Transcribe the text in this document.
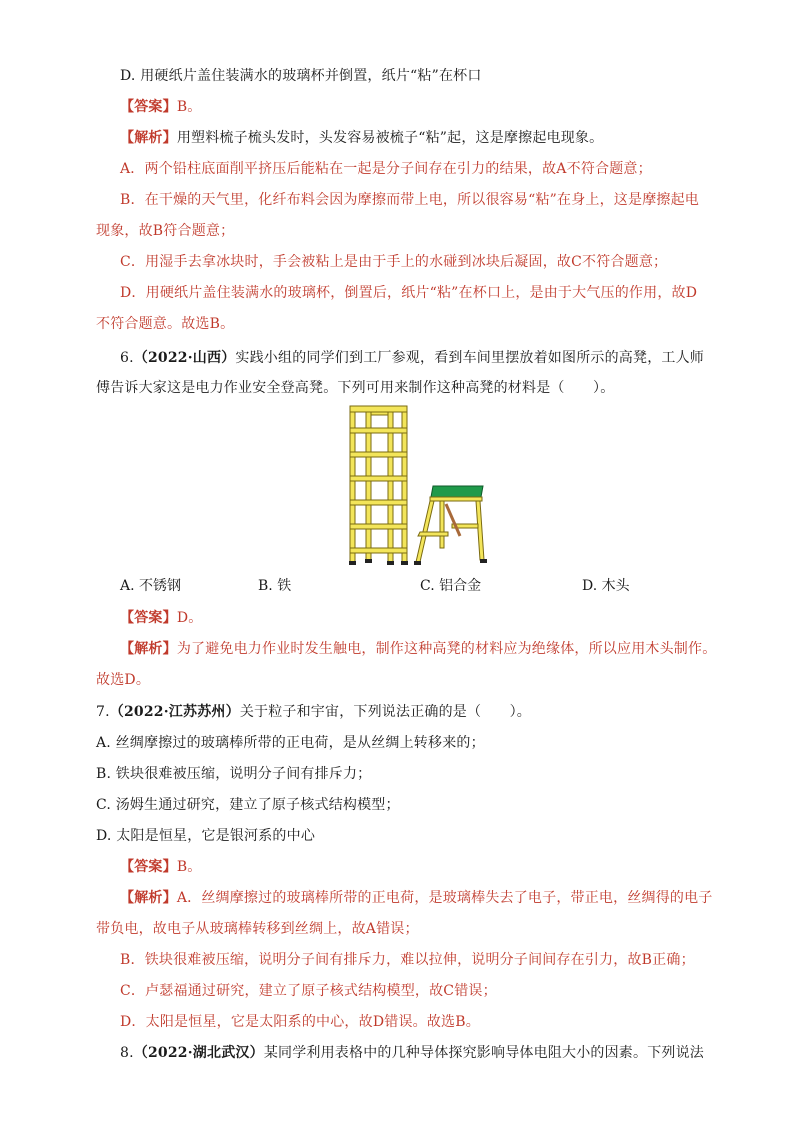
D. 用硬纸片盖住装满水的玻璃杯并倒置，纸片“粘”在杯口
【答案】B。
【解析】用塑料梳子梳头发时，头发容易被梳子“粘”起，这是摩擦起电现象。
A．两个铅柱底面削平挤压后能粘在一起是分子间存在引力的结果，故A不符合题意；
B．在干燥的天气里，化纤布料会因为摩擦而带上电，所以很容易“粘”在身上，这是摩擦起电
现象，故B符合题意；
C．用湿手去拿冰块时，手会被粘上是由于手上的水碰到冰块后凝固，故C不符合题意；
D．用硬纸片盖住装满水的玻璃杯，倒置后，纸片“粘”在杯口上，是由于大气压的作用，故D
不符合题意。故选B。
6.（2022·山西）实践小组的同学们到工厂参观，看到车间里摆放着如图所示的高凳，工人师
傅告诉大家这是电力作业安全登高凳。下列可用来制作这种高凳的材料是（　　）。
A. 不锈钢	B. 铁	C. 铝合金	D. 木头
【答案】D。
【解析】为了避免电力作业时发生触电，制作这种高凳的材料应为绝缘体，所以应用木头制作。
故选D。
7.（2022·江苏苏州）关于粒子和宇宙，下列说法正确的是（　　）。
A. 丝绸摩擦过的玻璃棒所带的正电荷，是从丝绸上转移来的；
B. 铁块很难被压缩，说明分子间有排斥力；
C. 汤姆生通过研究，建立了原子核式结构模型；
D. 太阳是恒星，它是银河系的中心
【答案】B。
【解析】A．丝绸摩擦过的玻璃棒所带的正电荷，是玻璃棒失去了电子，带正电，丝绸得的电子
带负电，故电子从玻璃棒转移到丝绸上，故A错误；
B．铁块很难被压缩，说明分子间有排斥力，难以拉伸，说明分子间间存在引力，故B正确；
C．卢瑟福通过研究，建立了原子核式结构模型，故C错误；
D．太阳是恒星，它是太阳系的中心，故D错误。故选B。
8.（2022·湖北武汉）某同学利用表格中的几种导体探究影响导体电阻大小的因素。下列说法
